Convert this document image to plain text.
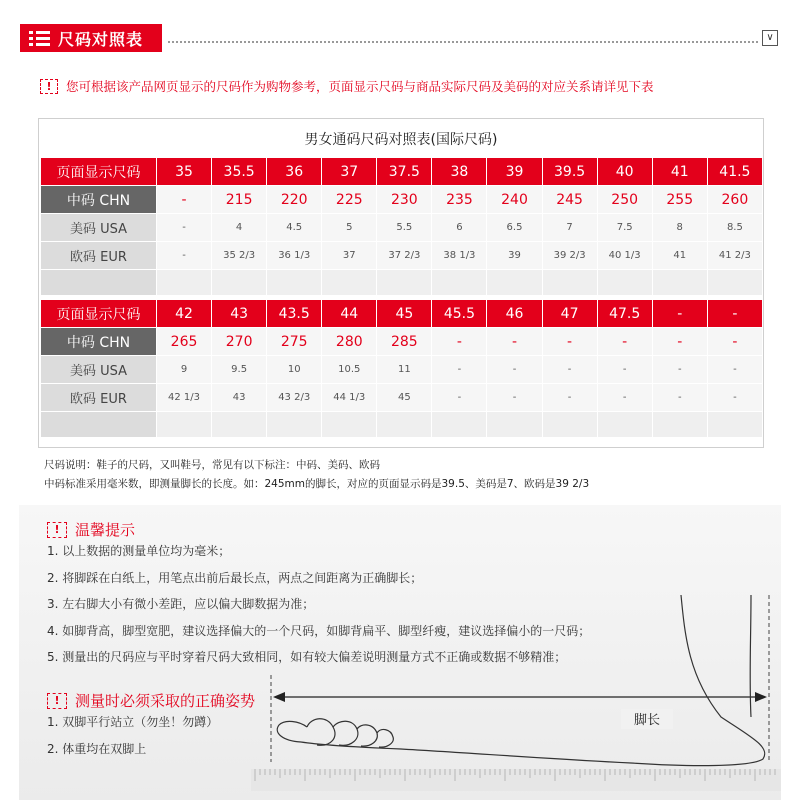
尺码对照表	∨
!	您可根据该产品网页显示的尺码作为购物参考，页面显示尺码与商品实际尺码及美码的对应关系请详见下表
男女通码尺码对照表(国际尺码)
页面显示尺码	35	35.5	36	37	37.5	38	39	39.5	40	41	41.5
中码 CHN	-	215	220	225	230	235	240	245	250	255	260
美码 USA	-	4	4.5	5	5.5	6	6.5	7	7.5	8	8.5
欧码 EUR	-	35 2/3	36 1/3	37	37 2/3	38 1/3	39	39 2/3	40 1/3	41	41 2/3

页面显示尺码	42	43	43.5	44	45	45.5	46	47	47.5	-	-
中码 CHN	265	270	275	280	285	-	-	-	-	-	-
美码 USA	9	9.5	10	10.5	11	-	-	-	-	-	-
欧码 EUR	42 1/3	43	43 2/3	44 1/3	45	-	-	-	-	-	-

尺码说明：鞋子的尺码，又叫鞋号，常见有以下标注：中码、美码、欧码
中码标准采用毫米数，即测量脚长的长度。如：245mm的脚长，对应的页面显示码是39.5、美码是7、欧码是39 2/3
!	温馨提示
1. 以上数据的测量单位均为毫米；
2. 将脚踩在白纸上，用笔点出前后最长点，两点之间距离为正确脚长；
3. 左右脚大小有微小差距，应以偏大脚数据为准；
4. 如脚背高，脚型宽肥，建议选择偏大的一个尺码，如脚背扁平、脚型纤瘦，建议选择偏小的一尺码；
5. 测量出的尺码应与平时穿着尺码大致相同，如有较大偏差说明测量方式不正确或数据不够精准；
!	测量时必须采取的正确姿势
1. 双脚平行站立（勿坐！勿蹲）
2. 体重均在双脚上
脚长
